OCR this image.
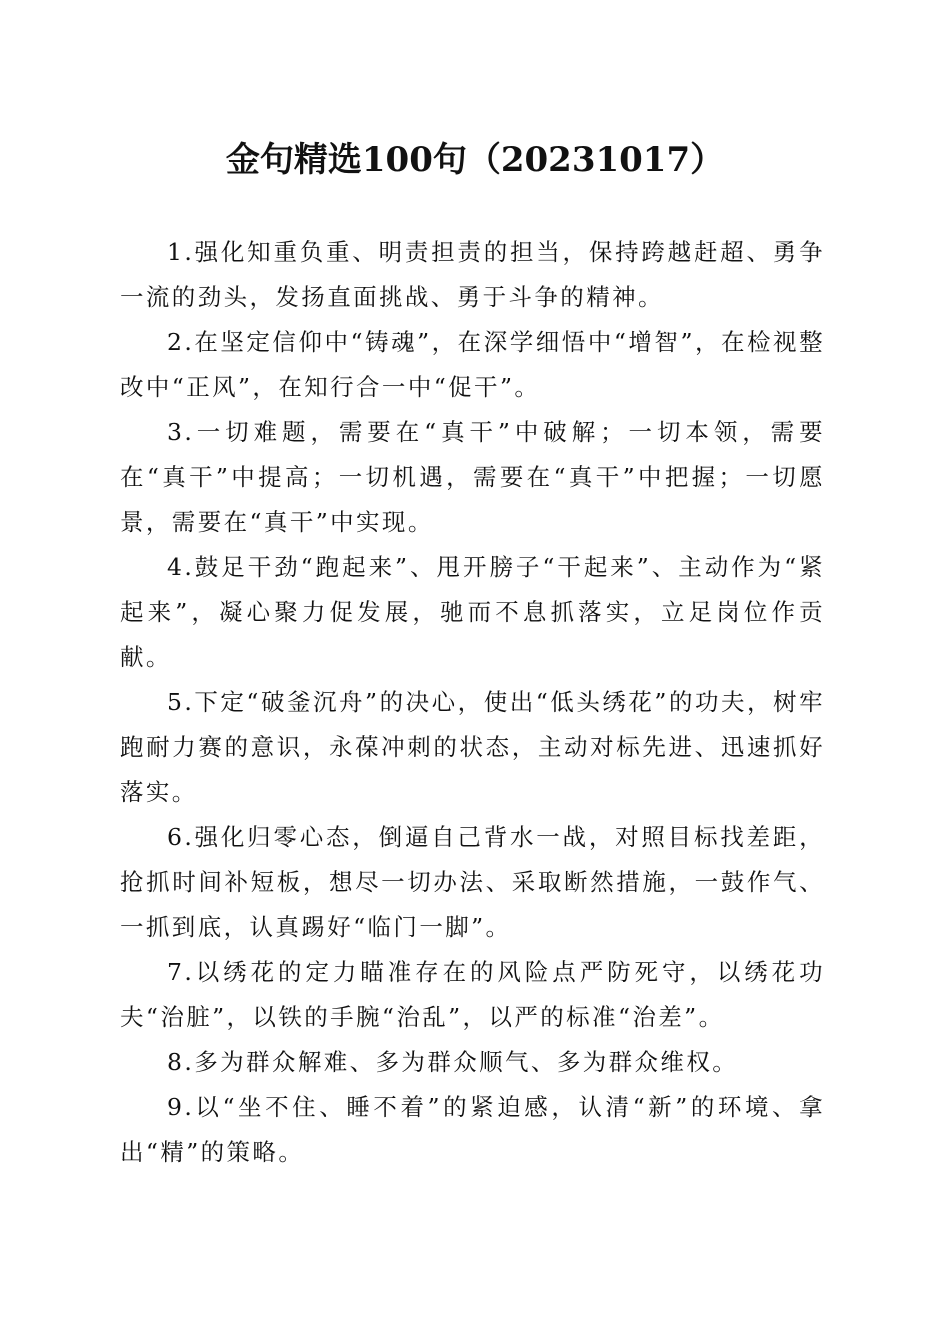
金句精选100句（20231017）

1.强化知重负重、明责担责的担当，保持跨越赶超、勇争一流的劲头，发扬直面挑战、勇于斗争的精神。

2.在坚定信仰中“铸魂”，在深学细悟中“增智”，在检视整改中“正风”，在知行合一中“促干”。

3.一切难题，需要在“真干”中破解；一切本领，需要在“真干”中提高；一切机遇，需要在“真干”中把握；一切愿景，需要在“真干”中实现。

4.鼓足干劲“跑起来”、甩开膀子“干起来”、主动作为“紧起来”，凝心聚力促发展，驰而不息抓落实，立足岗位作贡献。

5.下定“破釜沉舟”的决心，使出“低头绣花”的功夫，树牢跑耐力赛的意识，永葆冲刺的状态，主动对标先进、迅速抓好落实。

6.强化归零心态，倒逼自己背水一战，对照目标找差距，抢抓时间补短板，想尽一切办法、采取断然措施，一鼓作气、一抓到底，认真踢好“临门一脚”。

7.以绣花的定力瞄准存在的风险点严防死守，以绣花功夫“治脏”，以铁的手腕“治乱”，以严的标准“治差”。

8.多为群众解难、多为群众顺气、多为群众维权。

9.以“坐不住、睡不着”的紧迫感，认清“新”的环境、拿出“精”的策略。
